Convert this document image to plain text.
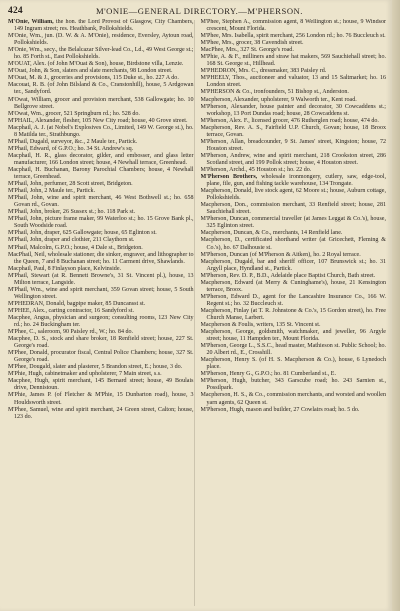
424	M'ONIE—GENERAL DIRECTORY.—M'PHERSON.

M'Onie, William, the hon. the Lord Provost of Glasgow, City Chambers, 149 Ingram street; res. Heathbank, Pollokshields.

M'Onie, Wm., jun. (D. W. & A. M'Onie), residence, Eversley, Aytoun road, Pollokshields.

M'Onie, Wm., secy., the Belalcazar Silver-lead Co., Ld., 49 West George st.; ho. 85 Forth st., East Pollokshields.

M'OUAT, Alex. (of John M'Ouat & Son), house, Birdstone villa, Lenzie.

M'Ouat, John, & Son, slaters and slate merchants, 98 London street.

M'Ouat, M. & J., groceries and provisions, 115 Duke st., ho. 227 A do.

Macouat, R. B. (of John Bilsland & Co., Cranstonhill), house, 5 Ardgowan ter., Sandyford.

M'Owat, William, grocer and provision merchant, 538 Gallowgate; ho. 10 Bellgrove street.

M'Owat, Wm., grocer, 521 Springburn rd.; ho. 528 do.

M'PHAIL, Alexander, flesher, 105 New City road; house, 40 Grove street.

Macphail, A. J. (at Nobel's Explosives Co., Limited, 149 W. George st.), ho. 8 Matilda ter., Strathbungo.

M'Phail, Dugald, surveyor, &c., 2 Maule ter., Partick.

M'Phail, Edward, of G.P.O.; ho. 34 St. Andrew's sq.

Macphail, H. R., glass decorator, gilder, and embosser, and glass letter manufacturer, 166 London street; house, 4 Newhall terrace, Greenhead.

Macphail, H. Buchanan, Barony Parochial Chambers; house, 4 Newhall terrace, Greenhead.

M'Phail, John, perfumer, 28 Scott street, Bridgeton.

M'Phail, John, 2 Maule ter., Partick.

M'Phail, John, wine and spirit merchant, 46 West Bothwell st.; ho. 658 Govan rd., Govan.

M'Phail, John, broker, 26 Sussex st.; ho. 118 Park st.

M'Phail, John, picture frame maker, 99 Waterloo st.; ho. 15 Grove Bank pl., South Woodside road.

M'Phail, John, draper, 625 Gallowgate; house, 65 Eglinton st.

M'Phail, John, draper and clothier, 211 Claythorn st.

M'Phail, Malcolm, G.P.O.; house, 4 Dale st., Bridgeton.

MacPhail, Neil, wholesale stationer, die sinker, engraver, and lithographer to the Queen, 7 and 8 Buchanan street; ho. 11 Carment drive, Shawlands.

Macphail, Paul, 8 Finlayson place, Kelvinside.

M'Phail, Stewart (at R. Bennett Browne's, 31 St. Vincent pl.), house, 13 Milton terrace, Langside.

M'Phail, Wm., wine and spirit merchant, 359 Govan street; house, 5 South Wellington street.

M'PHEDRAN, Donald, bagpipe maker, 85 Duncansst st.

M'PHEE, Alex., carting contractor, 16 Sandyford st.

Macphee, Angus, physician and surgeon; consulting rooms, 123 New City rd.; ho. 24 Buckingham ter.

M'Phee, C., saleroom, 90 Paisley rd., W.; ho. 84 do.

Macphee, D. S., stock and share broker, 18 Renfield street; house, 227 St. George's road.

M'Phee, Donald, procurator fiscal, Central Police Chambers; house, 327 St. George's road.

M'Phee, Dougald, slater and plasterer, 5 Brandon street, E.; house, 3 do.

M'Phie, Hugh, cabinetmaker and upholsterer, 7 Main street, s.s.

Macphee, Hugh, spirit merchant, 145 Bernard street; house, 49 Boulais drive, Dennistoun.

M'Phie, James P. (of Fletcher & M'Phie, 15 Dunbarton road), house, 3 Houldsworth street.

M'Phee, Samuel, wine and spirit merchant, 24 Green street, Calton; house, 123 do.

M'Phee, Stephen A., commission agent, 8 Wellington st.; house, 9 Windsor crescent, Mount Florida.

M'Phee, Mrs. Isabella, spirit merchant, 256 London rd.; ho. 76 Buccleuch st.

M'Phee, Mrs., grocer, 38 Cavendish street.

MacPhee, Mrs., 327 St. George's road.

M'Phie, A. & F., milliners and straw hat makers, 569 Sauchiehall street; ho. 168 St. George st., Hillhead.

M'PHEDRON, Mrs. C., dressmaker, 383 Paisley rd.

M'PHEELY, Thos., auctioneer and valuator, 13 and 15 Saltmarket; ho. 16 London street.

M'PHERSON & Co., ironfounders, 51 Bishop st., Anderston.

Macpherson, Alexander, upholsterer, 9 Walworth ter., Kent road.

M'Pherson, Alexander, house painter and decorator, 30 Cowcaddens st.; workshop, 13 Port Dundas road; house, 28 Cowcaddens st.

M'Pherson, Alex. F., licensed grocer, 476 Rutherglen road; house, 474 do.

Macpherson, Rev. A. S., Fairfield U.P. Church, Govan; house, 18 Broox terrace, Govan.

M'Pherson, Allan, breadcounder, 9 St. James' street, Kingston; house, 72 Houston street.

M'Pherson, Andrew, wine and spirit merchant, 218 Crookston street, 286 Scotland street, and 199 Pollok street; house, 4 Houston street.

M'Pherson, Archd., 45 Houston st.; ho. 22 do.

M'Pherson Brothers, wholesale ironmongery, cutlery, saw, edge-tool, plane, file, gun, and fishing tackle warehouse, 134 Trongate.

Macpherson, Donald, live stock agent, 62 Moore st.; house, Auburn cottage, Pollokshields.

Macpherson, Don., commission merchant, 33 Renfield street; house, 281 Sauchiehall street.

M'Pherson, Duncan, commercial traveller (at James Leggat & Co.'s), house, 325 Eglinton street.

Macpherson, Duncan, & Co., merchants, 14 Renfield lane.

Macpherson, D., certificated shorthand writer (at Gricechett, Fleming & Co.'s), ho. 67 Dalhousie st.

M'Pherson, Duncan (of M'Pherson & Aitken), ho. 2 Royal terrace.

Macpherson, Dugald, bar and sheriff officer, 107 Brunswick st.; ho. 31 Argyll place, Hyndland st., Partick.

M'Pherson, Rev. D. P., B.D., Adelaide place Baptist Church, Bath street.

Macpherson, Edward (at Merry & Cuninghame's), house, 21 Kensington terrace, Broox.

M'Pherson, Edward D., agent for the Lancashire Insurance Co., 166 W. Regent st.; ho. 32 Buccleuch st.

Macpherson, Finlay (at T. R. Johnstone & Co.'s, 15 Gordon street), ho. Free Church Manse, Larbert.

Macpherson & Foulis, writers, 135 St. Vincent st.

Macpherson, George, goldsmith, watchmaker, and jeweller, 96 Argyle street; house, 11 Hampden ter., Mount Florida.

M'Pherson, George L., S.S.C., head master, Mathieson st. Public School; ho. 20 Albert rd., E., Crosshill.

Macpherson, Henry S. (of H. S. Macpherson & Co.), house, 6 Lynedoch place.

M'Pherson, Henry G., G.P.O.; ho. 81 Cumberland st., E.

M'Pherson, Hugh, butcher, 343 Garscube road; ho. 243 Sarnien st., Possilpark.

Macpherson, H. S., & Co., commission merchants, and worsted and woollen yarn agents, 62 Queen st.

M'Pherson, Hugh, mason and builder, 27 Cowlairs road; ho. 5 do.
